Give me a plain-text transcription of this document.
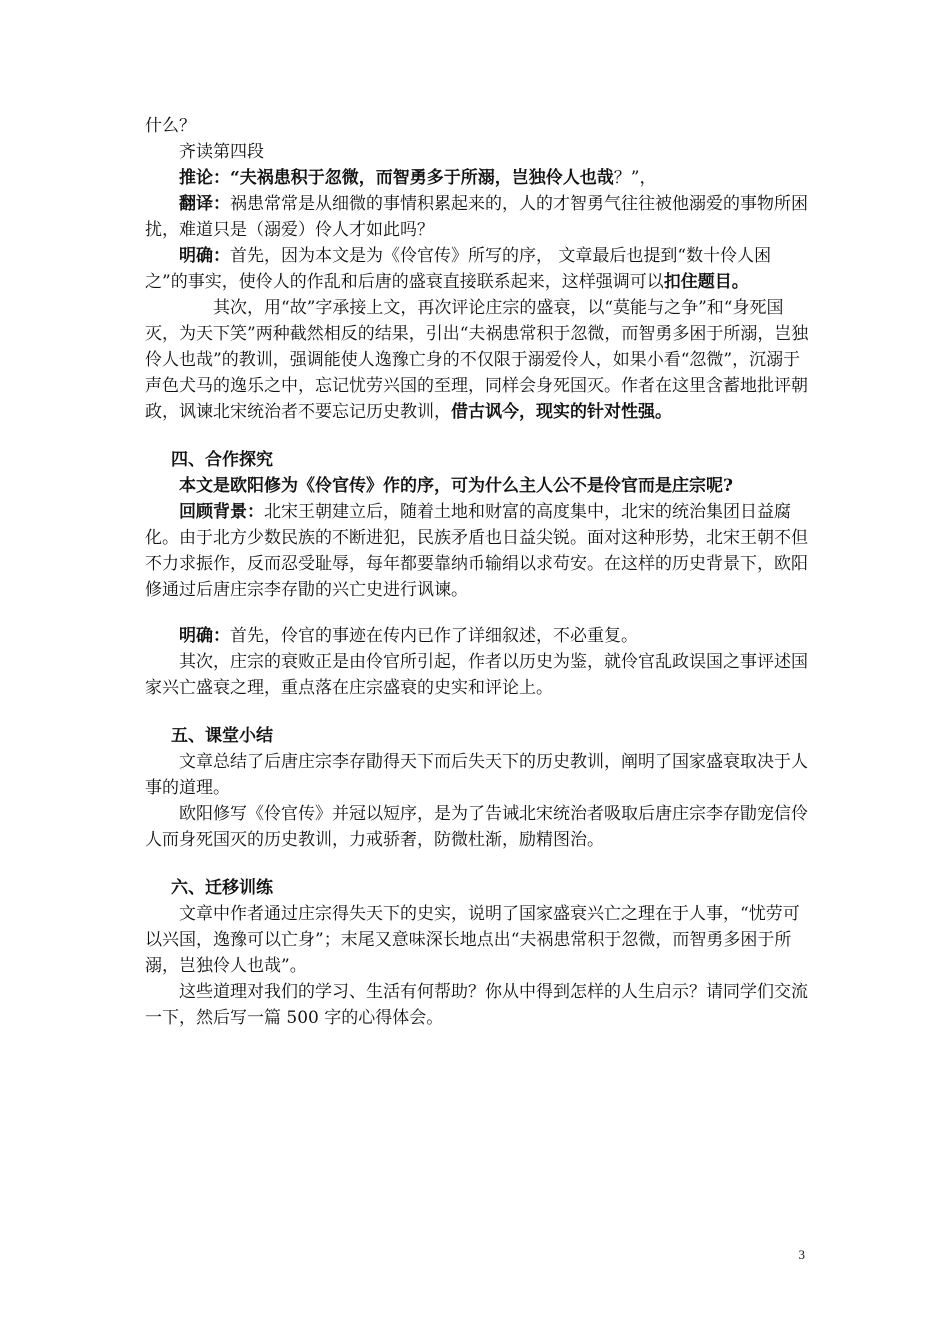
什么？

齐读第四段

推论：“夫祸患积于忽微，而智勇多于所溺，岂独伶人也哉？”，

翻译：祸患常常是从细微的事情积累起来的，人的才智勇气往往被他溺爱的事物所困扰，难道只是（溺爱）伶人才如此吗？

明确：首先，因为本文是为《伶官传》所写的序， 文章最后也提到“数十伶人困之”的事实，使伶人的作乱和后唐的盛衰直接联系起来，这样强调可以扣住题目。

其次，用“故”字承接上文，再次评论庄宗的盛衰，以“莫能与之争”和“身死国灭，为天下笑”两种截然相反的结果，引出“夫祸患常积于忽微，而智勇多困于所溺，岂独伶人也哉”的教训，强调能使人逸豫亡身的不仅限于溺爱伶人，如果小看“忽微”，沉溺于声色犬马的逸乐之中，忘记忧劳兴国的至理，同样会身死国灭。作者在这里含蓄地批评朝政，讽谏北宋统治者不要忘记历史教训，借古讽今，现实的针对性强。

四、合作探究

本文是欧阳修为《伶官传》作的序，可为什么主人公不是伶官而是庄宗呢?

回顾背景：北宋王朝建立后，随着土地和财富的高度集中，北宋的统治集团日益腐化。由于北方少数民族的不断进犯，民族矛盾也日益尖锐。面对这种形势，北宋王朝不但不力求振作，反而忍受耻辱，每年都要靠纳币输绢以求苟安。在这样的历史背景下，欧阳修通过后唐庄宗李存勖的兴亡史进行讽谏。

明确：首先，伶官的事迹在传内已作了详细叙述，不必重复。

其次，庄宗的衰败正是由伶官所引起，作者以历史为鉴，就伶官乱政误国之事评述国家兴亡盛衰之理，重点落在庄宗盛衰的史实和评论上。

五、课堂小结

文章总结了后唐庄宗李存勖得天下而后失天下的历史教训，阐明了国家盛衰取决于人事的道理。

欧阳修写《伶官传》并冠以短序，是为了告诫北宋统治者吸取后唐庄宗李存勖宠信伶人而身死国灭的历史教训，力戒骄奢，防微杜渐，励精图治。

六、迁移训练

文章中作者通过庄宗得失天下的史实，说明了国家盛衰兴亡之理在于人事，“忧劳可以兴国，逸豫可以亡身”；末尾又意味深长地点出“夫祸患常积于忽微，而智勇多困于所溺，岂独伶人也哉”。

这些道理对我们的学习、生活有何帮助？你从中得到怎样的人生启示？请同学们交流一下，然后写一篇 500 字的心得体会。

3
